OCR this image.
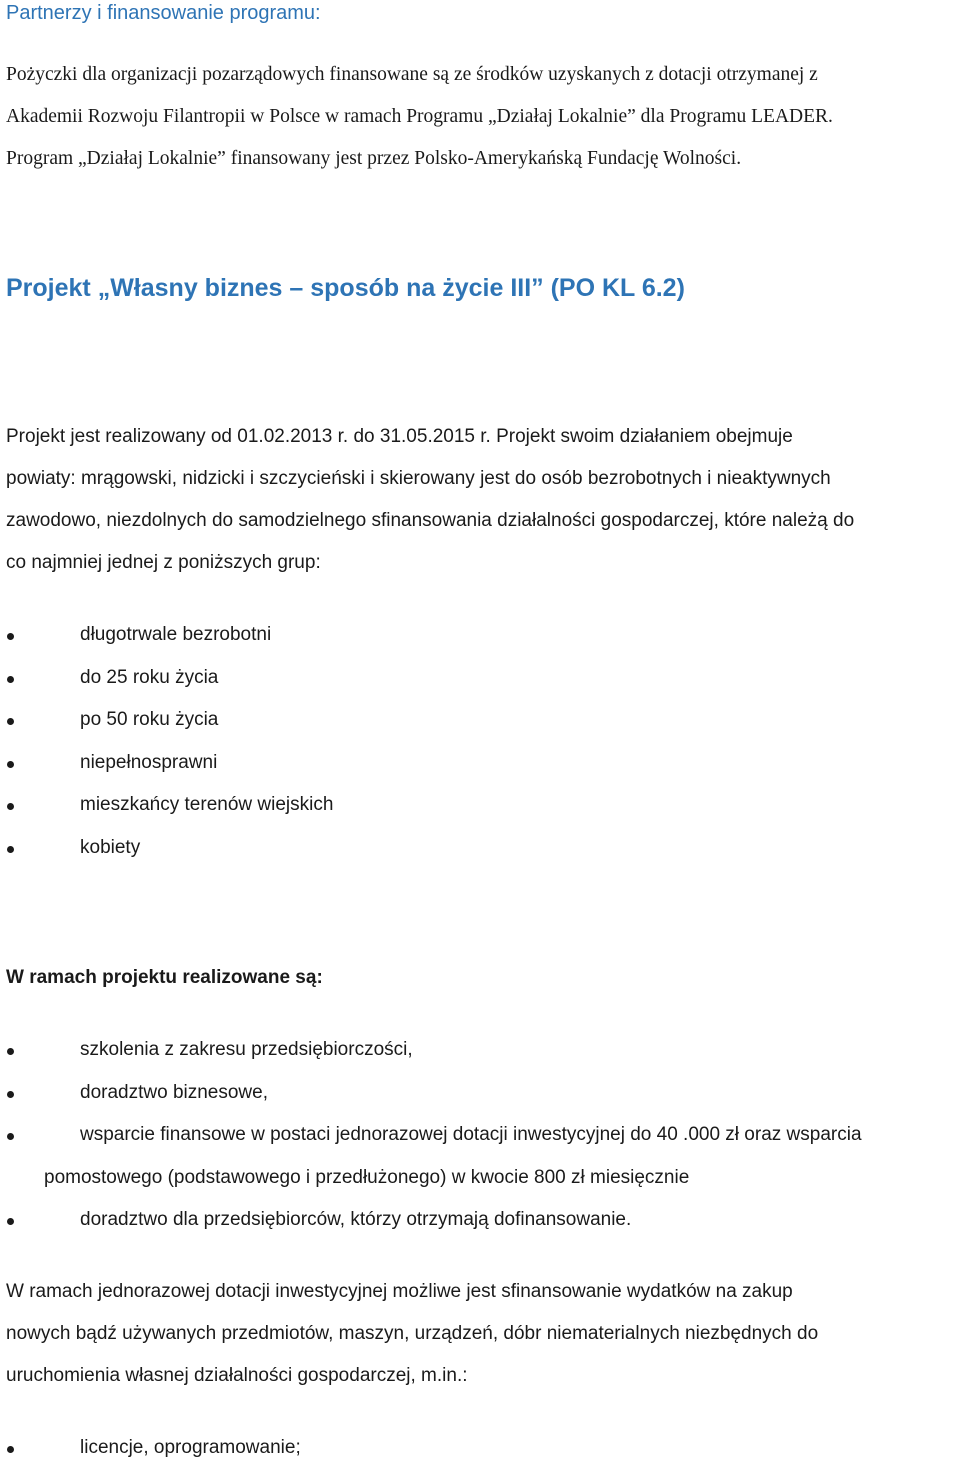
Partnerzy i finansowanie programu:
Pożyczki dla organizacji pozarządowych finansowane są ze środków uzyskanych z dotacji otrzymanej z
Akademii Rozwoju Filantropii w Polsce w ramach Programu „Działaj Lokalnie” dla Programu LEADER.
Program „Działaj Lokalnie” finansowany jest przez Polsko-Amerykańską Fundację Wolności.
Projekt „Własny biznes – sposób na życie III” (PO KL 6.2)
Projekt jest realizowany od 01.02.2013 r. do 31.05.2015 r. Projekt swoim działaniem obejmuje
powiaty: mrągowski, nidzicki i szczycieński i skierowany jest do osób bezrobotnych i nieaktywnych
zawodowo, niezdolnych do samodzielnego sfinansowania działalności gospodarczej, które należą do
co najmniej jednej z poniższych grup:
długotrwale bezrobotni
do 25 roku życia
po 50 roku życia
niepełnosprawni
mieszkańcy terenów wiejskich
kobiety
W ramach projektu realizowane są:
szkolenia z zakresu przedsiębiorczości,
doradztwo biznesowe,
wsparcie finansowe w postaci jednorazowej dotacji inwestycyjnej do 40 .000 zł oraz wsparcia
pomostowego (podstawowego i przedłużonego) w kwocie 800 zł miesięcznie
doradztwo dla przedsiębiorców, którzy otrzymają dofinansowanie.
W ramach jednorazowej dotacji inwestycyjnej możliwe jest sfinansowanie wydatków na zakup
nowych bądź używanych przedmiotów, maszyn, urządzeń, dóbr niematerialnych niezbędnych do
uruchomienia własnej działalności gospodarczej, m.in.:
licencje, oprogramowanie;
